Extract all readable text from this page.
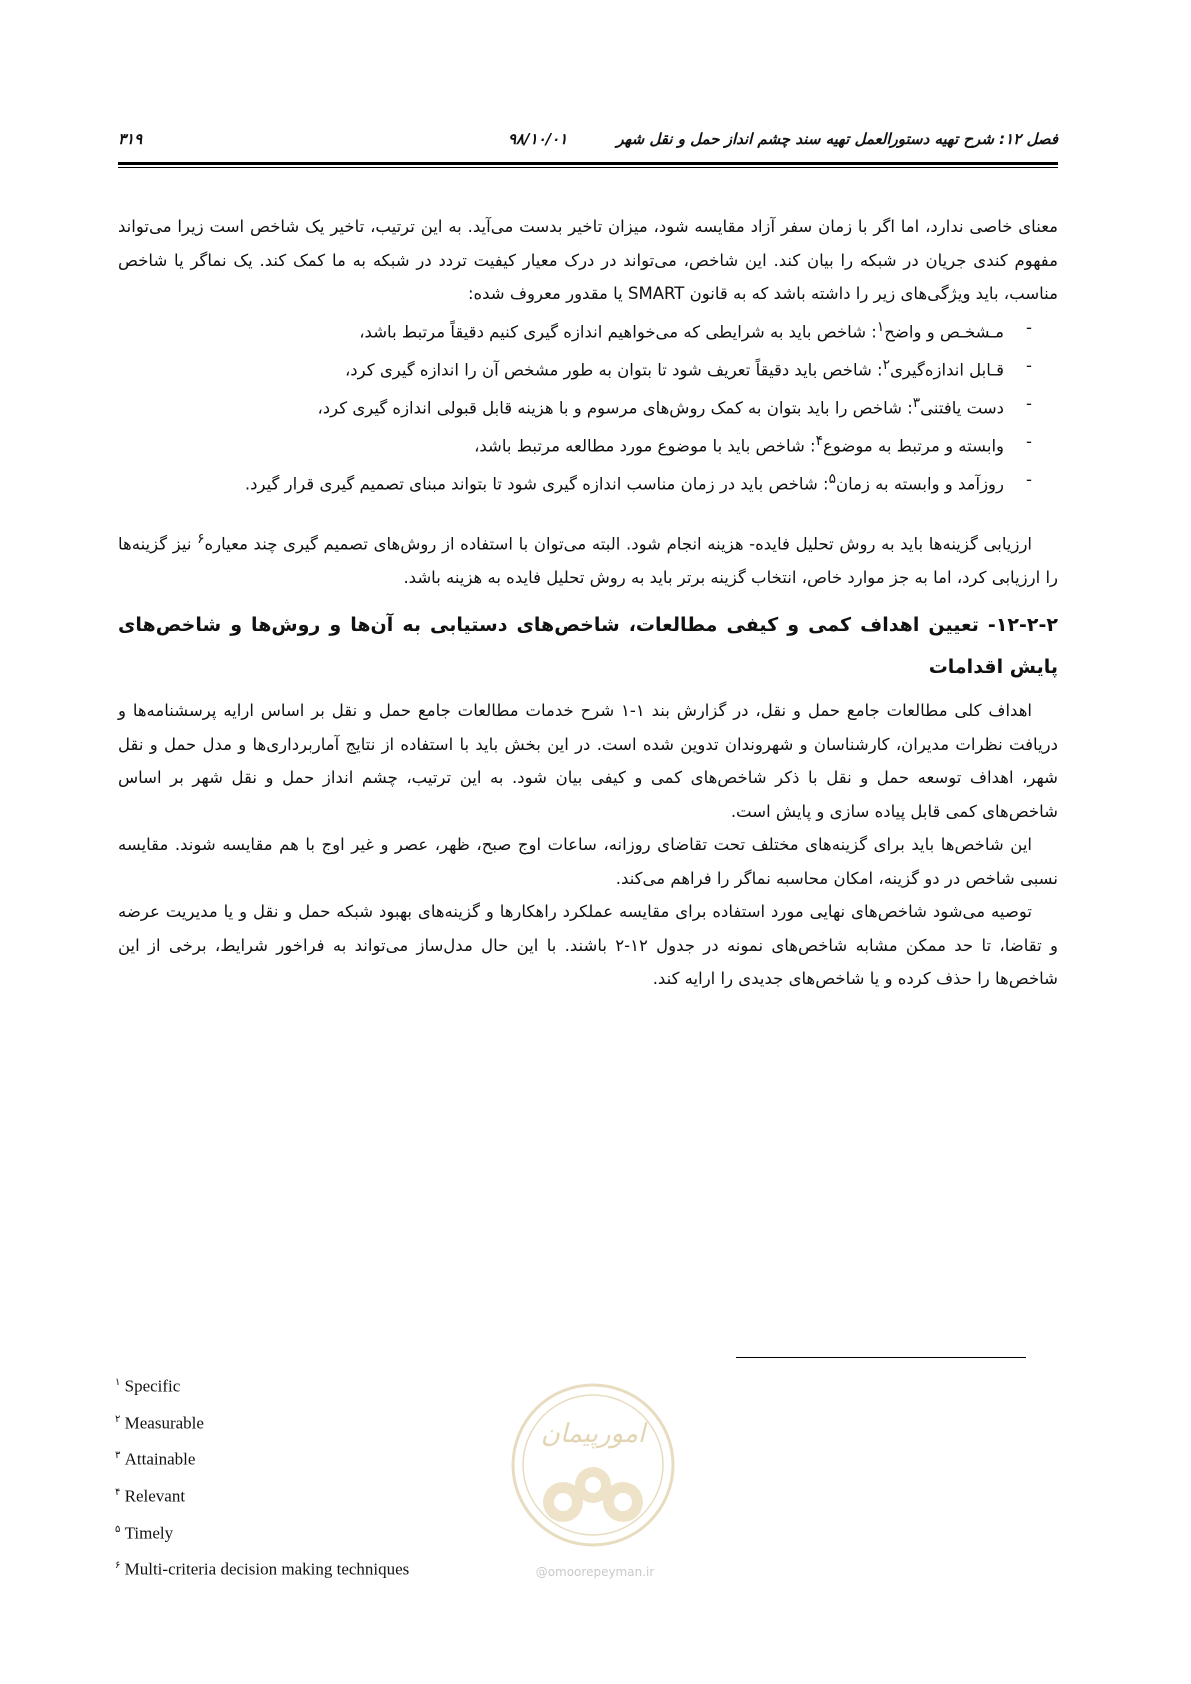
فصل ۱۲: شرح تهیه دستورالعمل تهیه سند چشم انداز حمل و نقل شهر
۹۸/۱۰/۰۱
۳۱۹

معنای خاصی ندارد، اما اگر با زمان سفر آزاد مقایسه شود، میزان تاخیر بدست می‌آید. به این ترتیب، تاخیر یک شاخص است زیرا می‌تواند مفهوم کندی جریان در شبکه را بیان کند. این شاخص، می‌تواند در درک معیار کیفیت تردد در شبکه به ما کمک کند. یک نماگر یا شاخص مناسب، باید ویژگی‌های زیر را داشته باشد که به قانون SMART یا مقدور معروف شده:

- مـشخـص و واضح$^۱$: شاخص باید به شرایطی که می‌خواهیم اندازه گیری کنیم دقیقاً مرتبط باشد،
- قـابل اندازه‌گیری$^۲$: شاخص باید دقیقاً تعریف شود تا بتوان به طور مشخص آن را اندازه گیری کرد،
- دست یافتنی$^۳$: شاخص را باید بتوان به کمک روش‌های مرسوم و با هزینه قابل قبولی اندازه گیری کرد،
- وابسته و مرتبط به موضوع$^۴$: شاخص باید با موضوع مورد مطالعه مرتبط باشد،
- روزآمد و وابسته به زمان$^۵$: شاخص باید در زمان مناسب اندازه گیری شود تا بتواند مبنای تصمیم گیری قرار گیرد.

ارزیابی گزینه‌ها باید به روش تحلیل فایده- هزینه انجام شود. البته می‌توان با استفاده از روش‌های تصمیم گیری چند معیاره$^۶$ نیز گزینه‌ها را ارزیابی کرد، اما به جز موارد خاص، انتخاب گزینه برتر باید به روش تحلیل فایده به هزینه باشد.

۱۲-۲-۲- تعیین اهداف کمی و کیفی مطالعات، شاخص‌های دستیابی به آن‌ها و روش‌ها و شاخص‌های پایش اقدامات

اهداف کلی مطالعات جامع حمل و نقل، در گزارش بند ۱-۱ شرح خدمات مطالعات جامع حمل و نقل بر اساس ارایه پرسشنامه‌ها و دریافت نظرات مدیران، کارشناسان و شهروندان تدوین شده است. در این بخش باید با استفاده از نتایج آماربرداری‌ها و مدل حمل و نقل شهر، اهداف توسعه حمل و نقل با ذکر شاخص‌های کمی و کیفی بیان شود. به این ترتیب، چشم انداز حمل و نقل شهر بر اساس شاخص‌های کمی قابل پیاده سازی و پایش است.

این شاخص‌ها باید برای گزینه‌های مختلف تحت تقاضای روزانه، ساعات اوج صبح، ظهر، عصر و غیر اوج با هم مقایسه شوند. مقایسه نسبی شاخص در دو گزینه، امکان محاسبه نماگر را فراهم می‌کند.

توصیه می‌شود شاخص‌های نهایی مورد استفاده برای مقایسه عملکرد راهکارها و گزینه‌های بهبود شبکه حمل و نقل و یا مدیریت عرضه و تقاضا، تا حد ممکن مشابه شاخص‌های نمونه در جدول ۱۲-۲ باشند. با این حال مدل‌ساز می‌تواند به فراخور شرایط، برخی از این شاخص‌ها را حذف کرده و یا شاخص‌های جدیدی را ارایه کند.

$^۱$ Specific
$^۲$ Measurable
$^۳$ Attainable
$^۴$ Relevant
$^۵$ Timely
$^۶$ Multi-criteria decision making techniques
امورپیمان
@omoorepeyman.ir
